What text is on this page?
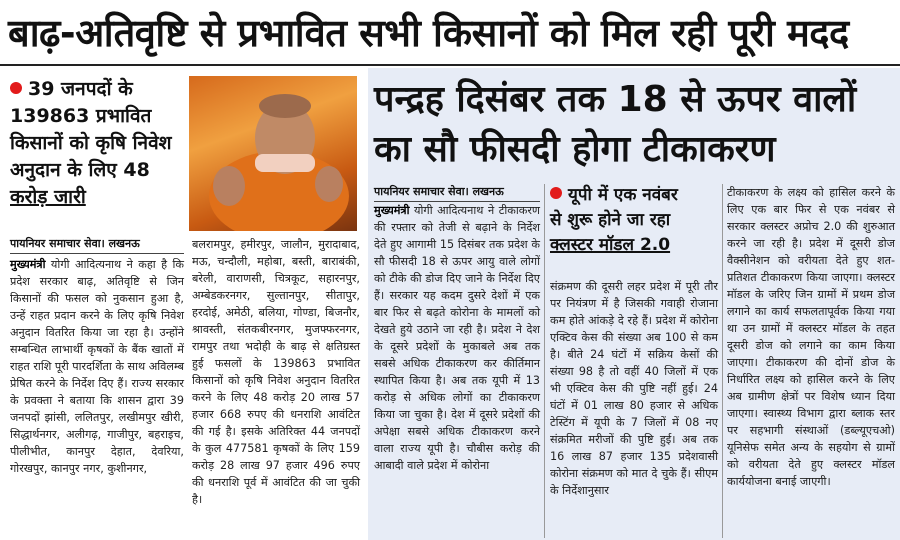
बाढ़-अतिवृष्टि से प्रभावित सभी किसानों को मिल रही पूरी मदद
39 जनपदों के
139863 प्रभावित
किसानों को कृषि निवेश
अनुदान के लिए 48
करोड़ जारी
पायनियर समाचार सेवा। लखनऊ
मुख्यमंत्री योगी आदित्यनाथ ने कहा है कि प्रदेश सरकार बाढ़, अतिवृष्टि से जिन किसानों की फसल को नुकसान हुआ है, उन्हें राहत प्रदान करने के लिए कृषि निवेश अनुदान वितरित किया जा रहा है। उन्होंने सम्बन्धित लाभार्थी कृषकों के बैंक खातों में राहत राशि पूरी पारदर्शिता के साथ अविलम्ब प्रेषित करने के निर्देश दिए हैं। राज्य सरकार के प्रवक्ता ने बताया कि शासन द्वारा 39 जनपदों झांसी, ललितपुर, लखीमपुर खीरी, सिद्धार्थनगर, अलीगढ़, गाजीपुर, बहराइच, पीलीभीत, कानपुर देहात, देवरिया, गोरखपुर, कानपुर नगर, कुशीनगर,
बलरामपुर, हमीरपुर, जालौन, मुरादाबाद, मऊ, चन्दौली, महोबा, बस्ती, बाराबंकी, बरेली, वाराणसी, चित्रकूट, सहारनपुर, अम्बेडकरनगर, सुल्तानपुर, सीतापुर, हरदोई, अमेठी, बलिया, गोण्डा, बिजनौर, श्रावस्ती, संतकबीरनगर, मुजफ्फरनगर, रामपुर तथा भदोही के बाढ़ से क्षतिग्रस्त हुई फसलों के 139863 प्रभावित किसानों को कृषि निवेश अनुदान वितरित करने के लिए 48 करोड़ 20 लाख 57 हजार 668 रुपए की धनराशि आवंटित की गई है। इसके अतिरिक्त 44 जनपदों के कुल 477581 कृषकों के लिए 159 करोड़ 28 लाख 97 हजार 496 रुपए की धनराशि पूर्व में आवंटित की जा चुकी है।
पन्द्रह दिसंबर तक 18 से ऊपर वालों
का सौ फीसदी होगा टीकाकरण
पायनियर समाचार सेवा। लखनऊ
मुख्यमंत्री योगी आदित्यनाथ ने टीकाकरण की रफ्तार को तेजी से बढ़ाने के निर्देश देते हुए आगामी 15 दिसंबर तक प्रदेश के सौ फीसदी 18 से ऊपर आयु वाले लोगों को टीके की डोज दिए जाने के निर्देश दिए हैं। सरकार यह कदम दुसरे देशों में एक बार फिर से बढ़ते कोरोना के मामलों को देखते हुये उठाने जा रही है। प्रदेश ने देश के दूसरे प्रदेशों के मुकाबले अब तक सबसे अधिक टीकाकरण कर कीर्तिमान स्थापित किया है। अब तक यूपी में 13 करोड़ से अधिक लोगों का टीकाकरण किया जा चुका है। देश में दूसरे प्रदेशों की अपेक्षा सबसे अधिक टीकाकरण करने वाला राज्य यूपी है। चौबीस करोड़ की आबादी वाले प्रदेश में कोरोना
यूपी में एक नवंबर
से शुरू होने जा रहा
क्लस्टर मॉडल 2.0
संक्रमण की दूसरी लहर प्रदेश में पूरी तौर पर नियंत्रण में है जिसकी गवाही रोजाना कम होते आंकड़े दे रहे हैं। प्रदेश में कोरोना एक्टिव केस की संख्या अब 100 से कम है। बीते 24 घंटों में सक्रिय केसों की संख्या 98 है तो वहीं 40 जिलों में एक भी एक्टिव केस की पुष्टि नहीं हुई। 24 घंटों में 01 लाख 80 हजार से अधिक टेस्टिंग में यूपी के 7 जिलों में 08 नए संक्रमित मरीजों की पुष्टि हुई। अब तक 16 लाख 87 हजार 135 प्रदेशवासी कोरोना संक्रमण को मात दे चुके हैं। सीएम के निर्देशानुसार
टीकाकरण के लक्ष्य को हासिल करने के लिए एक बार फिर से एक नवंबर से सरकार क्लस्टर अप्रोच 2.0 की शुरुआत करने जा रही है। प्रदेश में दूसरी डोज वैक्सीनेशन को वरीयता देते हुए शत-प्रतिशत टीकाकरण किया जाएगा। क्लस्टर मॉडल के जरिए जिन ग्रामों में प्रथम डोज लगाने का कार्य सफलतापूर्वक किया गया था उन ग्रामों में क्लस्टर मॉडल के तहत दूसरी डोज को लगाने का काम किया जाएगा। टीकाकरण की दोनों डोज के निर्धारित लक्ष्य को हासिल करने के लिए अब ग्रामीण क्षेत्रों पर विशेष ध्यान दिया जाएगा। स्वास्थ्य विभाग द्वारा ब्लाक स्तर पर सहभागी संस्थाओं (डब्ल्यूएचओ) यूनिसेफ समेत अन्य के सहयोग से ग्रामों को वरीयता देते हुए क्लस्टर मॉडल कार्ययोजना बनाई जाएगी।
